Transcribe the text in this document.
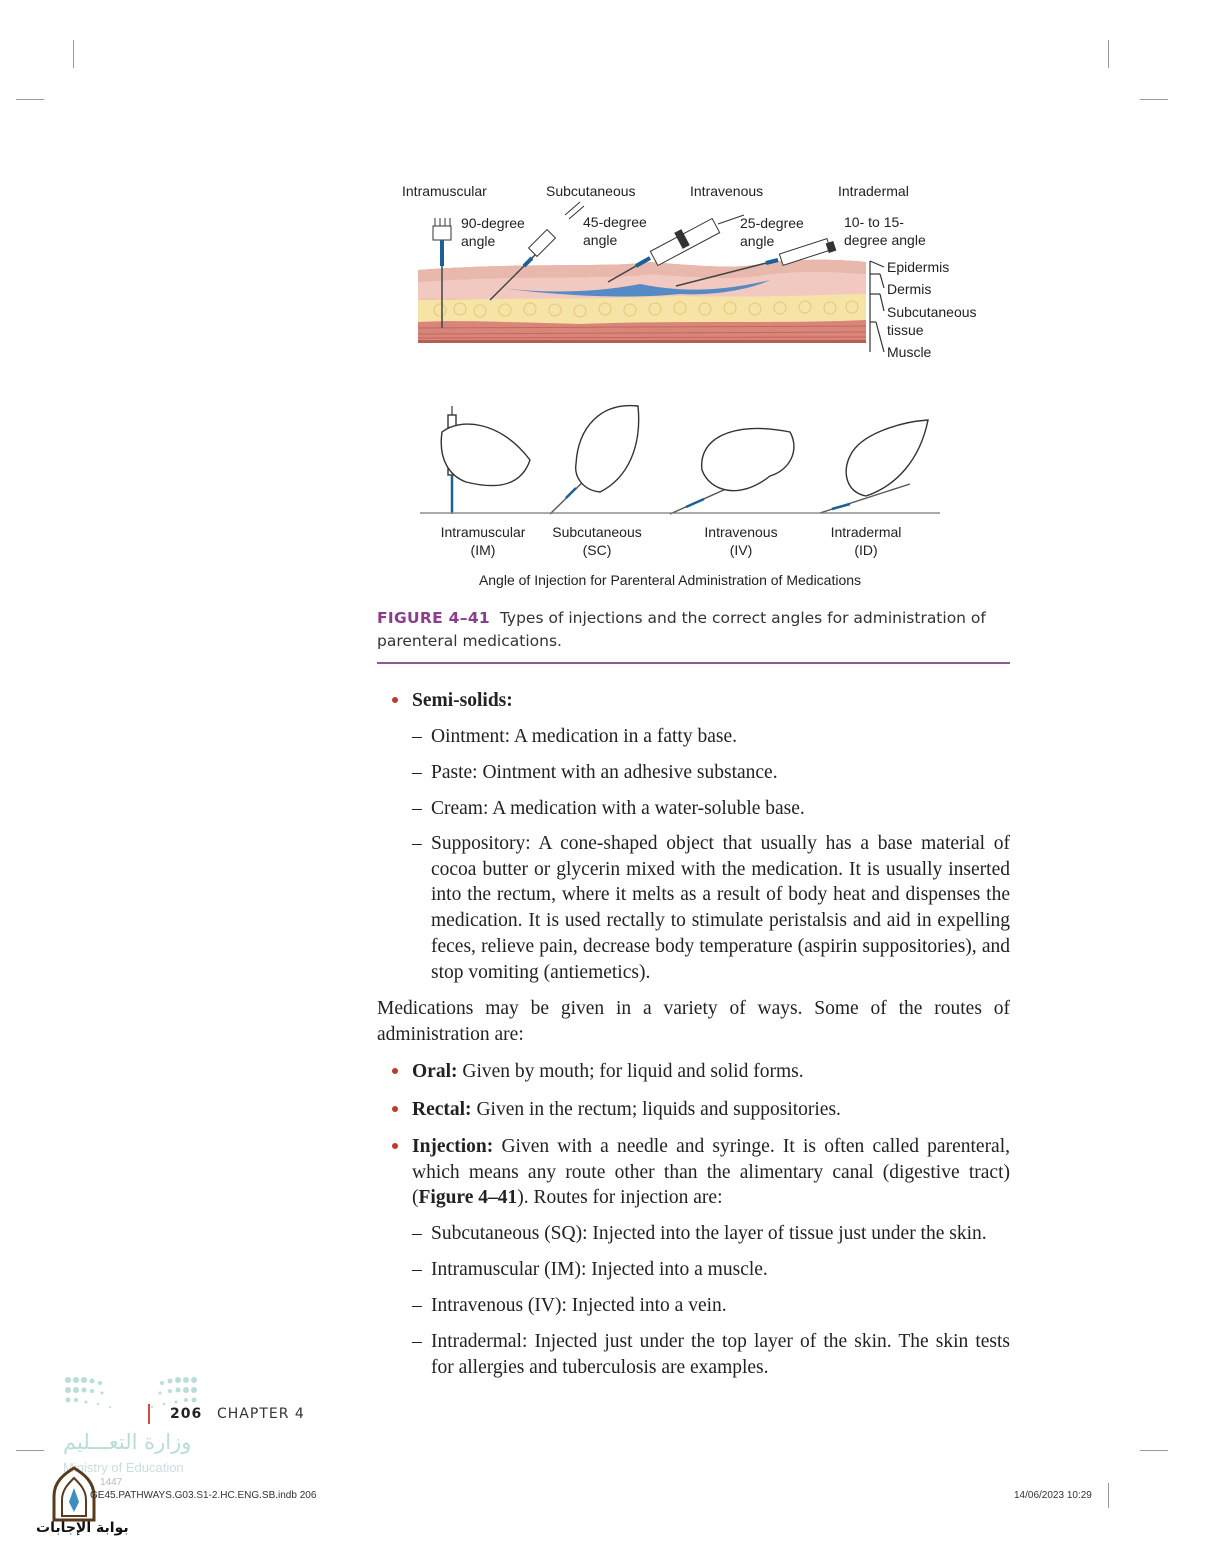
Intramuscular	Subcutaneous	Intravenous	Intradermal
90-degree
angle
45-degree
angle
25-degree
angle
10- to 15-
degree angle
Epidermis
Dermis
Subcutaneous
tissue
Muscle
Intramuscular
(IM)
Subcutaneous
(SC)
Intravenous
(IV)
Intradermal
(ID)
Angle of Injection for Parenteral Administration of Medications
FIGURE 4–41 Types of injections and the correct angles for administration of parenteral medications.
Semi-solids:
– Ointment: A medication in a fatty base.
– Paste: Ointment with an adhesive substance.
– Cream: A medication with a water-soluble base.
– Suppository: A cone-shaped object that usually has a base material of cocoa butter or glycerin mixed with the medication. It is usually inserted into the rectum, where it melts as a result of body heat and dispenses the medication. It is used rectally to stimulate peristalsis and aid in expelling feces, relieve pain, decrease body temperature (aspirin suppositories), and stop vomiting (antiemetics).
Medications may be given in a variety of ways. Some of the routes of administration are:
Oral: Given by mouth; for liquid and solid forms.
Rectal: Given in the rectum; liquids and suppositories.
Injection: Given with a needle and syringe. It is often called parenteral, which means any route other than the alimentary canal (digestive tract) (Figure 4–41). Routes for injection are:
– Subcutaneous (SQ): Injected into the layer of tissue just under the skin.
– Intramuscular (IM): Injected into a muscle.
– Intravenous (IV): Injected into a vein.
– Intradermal: Injected just under the top layer of the skin. The skin tests for allergies and tuberculosis are examples.
206 CHAPTER 4
وزارة التعـــليم
Ministry of Education
1447
بوابة الإجابات
GE45.PATHWAYS.G03.S1-2.HC.ENG.SB.indb 206	14/06/2023 10:29
